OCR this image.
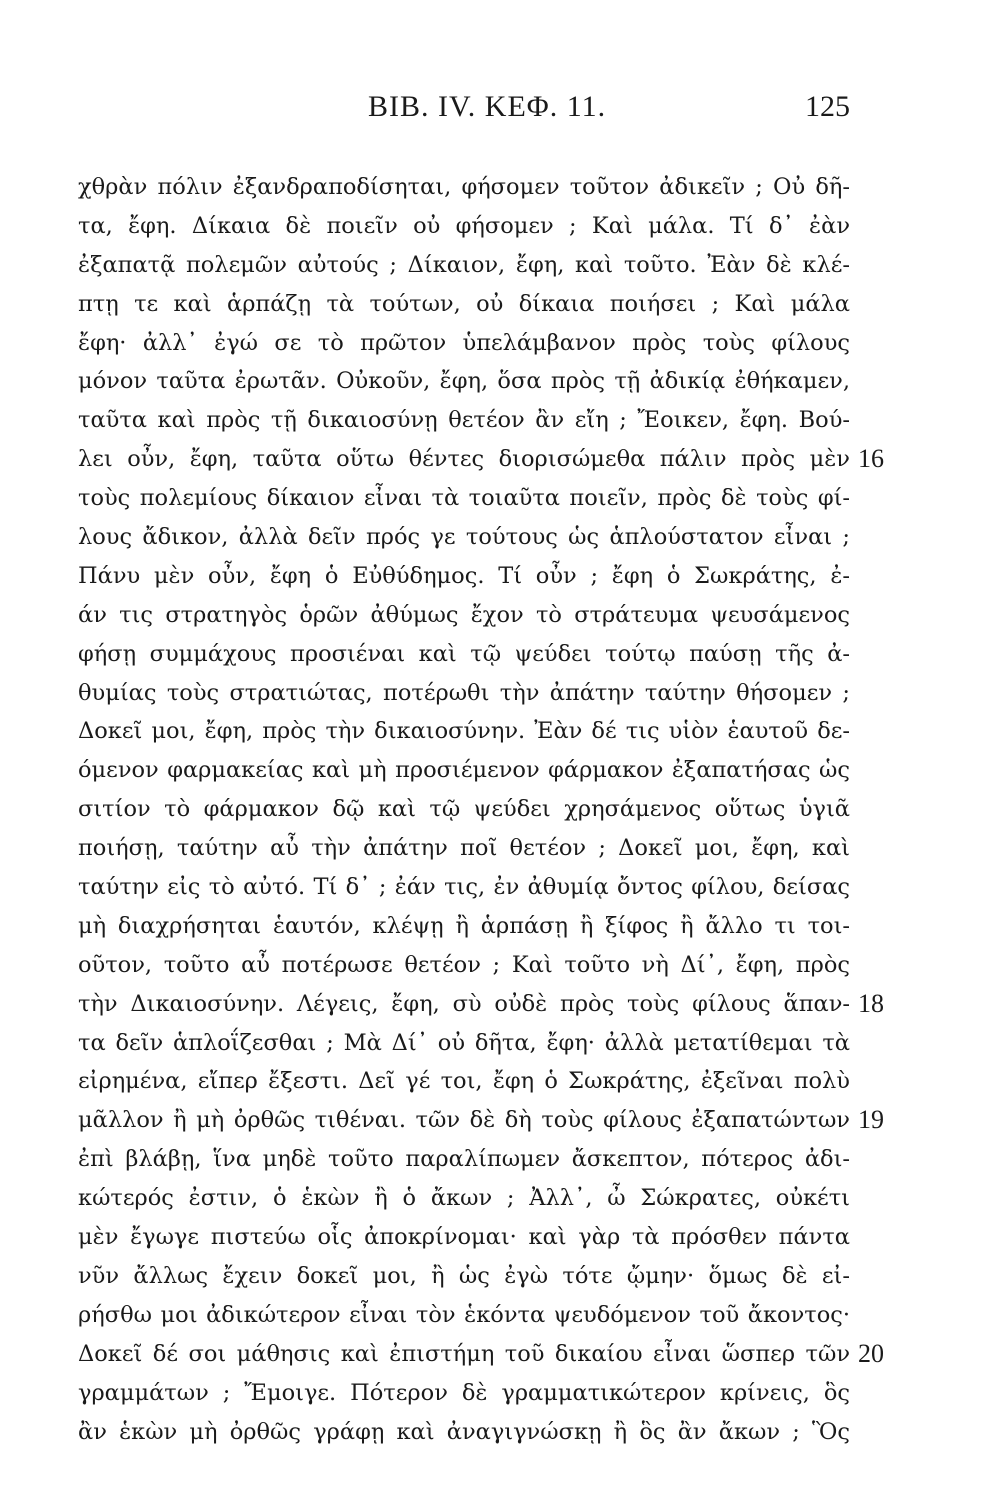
ΒΙΒ. ΙV. ΚΕΦ. 11.	125
χθρὰν πόλιν ἐξανδραποδίσηται, φήσομεν τοῦτον ἀδικεῖν ; Οὐ δῆ-
τα, ἔφη. Δίκαια δὲ ποιεῖν οὐ φήσομεν ; Καὶ μάλα. Τί δ᾽ ἐὰν
ἐξαπατᾷ πολεμῶν αὐτούς ; Δίκαιον, ἔφη, καὶ τοῦτο. Ἐὰν δὲ κλέ-
πτῃ τε καὶ ἁρπάζῃ τὰ τούτων, οὐ δίκαια ποιήσει ; Καὶ μάλα
ἔφη· ἀλλ᾽ ἐγώ σε τὸ πρῶτον ὑπελάμβανον πρὸς τοὺς φίλους
μόνον ταῦτα ἐρωτᾶν. Οὐκοῦν, ἔφη, ὅσα πρὸς τῇ ἀδικίᾳ ἐθήκαμεν,
ταῦτα καὶ πρὸς τῇ δικαιοσύνῃ θετέον ἂν εἴη ; Ἔοικεν, ἔφη. Βού-
λει οὖν, ἔφη, ταῦτα οὕτω θέντες διορισώμεθα πάλιν πρὸς μὲν 16
τοὺς πολεμίους δίκαιον εἶναι τὰ τοιαῦτα ποιεῖν, πρὸς δὲ τοὺς φί-
λους ἄδικον, ἀλλὰ δεῖν πρός γε τούτους ὡς ἁπλούστατον εἶναι ;
Πάνυ μὲν οὖν, ἔφη ὁ Εὐθύδημος. Τί οὖν ; ἔφη ὁ Σωκράτης, ἐ-
άν τις στρατηγὸς ὁρῶν ἀθύμως ἔχον τὸ στράτευμα ψευσάμενος
φήσῃ συμμάχους προσιέναι καὶ τῷ ψεύδει τούτῳ παύσῃ τῆς ἀ-
θυμίας τοὺς στρατιώτας, ποτέρωθι τὴν ἀπάτην ταύτην θήσομεν ;
Δοκεῖ μοι, ἔφη, πρὸς τὴν δικαιοσύνην. Ἐὰν δέ τις υἱὸν ἑαυτοῦ δε-
όμενον φαρμακείας καὶ μὴ προσιέμενον φάρμακον ἐξαπατήσας ὡς
σιτίον τὸ φάρμακον δῷ καὶ τῷ ψεύδει χρησάμενος οὕτως ὑγιᾶ
ποιήσῃ, ταύτην αὖ τὴν ἀπάτην ποῖ θετέον ; Δοκεῖ μοι, ἔφη, καὶ
ταύτην εἰς τὸ αὐτό. Τί δ᾽ ; ἐάν τις, ἐν ἀθυμίᾳ ὄντος φίλου, δείσας
μὴ διαχρήσηται ἑαυτόν, κλέψῃ ἢ ἁρπάσῃ ἢ ξίφος ἢ ἄλλο τι τοι-
οῦτον, τοῦτο αὖ ποτέρωσε θετέον ; Καὶ τοῦτο νὴ Δί᾽, ἔφη, πρὸς
τὴν Δικαιοσύνην. Λέγεις, ἔφη, σὺ οὐδὲ πρὸς τοὺς φίλους ἅπαν- 18
τα δεῖν ἁπλοΐζεσθαι ; Μὰ Δί᾽ οὐ δῆτα, ἔφη· ἀλλὰ μετατίθεμαι τὰ
εἰρημένα, εἴπερ ἔξεστι. Δεῖ γέ τοι, ἔφη ὁ Σωκράτης, ἐξεῖναι πολὺ
μᾶλλον ἢ μὴ ὀρθῶς τιθέναι. τῶν δὲ δὴ τοὺς φίλους ἐξαπατώντων 19
ἐπὶ βλάβῃ, ἵνα μηδὲ τοῦτο παραλίπωμεν ἄσκεπτον, πότερος ἀδι-
κώτερός ἐστιν, ὁ ἑκὼν ἢ ὁ ἄκων ; Ἀλλ᾽, ὦ Σώκρατες, οὐκέτι
μὲν ἔγωγε πιστεύω οἷς ἀποκρίνομαι· καὶ γὰρ τὰ πρόσθεν πάντα
νῦν ἄλλως ἔχειν δοκεῖ μοι, ἢ ὡς ἐγὼ τότε ᾤμην· ὅμως δὲ εἰ-
ρήσθω μοι ἀδικώτερον εἶναι τὸν ἑκόντα ψευδόμενον τοῦ ἄκοντος·
Δοκεῖ δέ σοι μάθησις καὶ ἐπιστήμη τοῦ δικαίου εἶναι ὥσπερ τῶν 20
γραμμάτων ; Ἔμοιγε. Πότερον δὲ γραμματικώτερον κρίνεις, ὃς
ἂν ἑκὼν μὴ ὀρθῶς γράφῃ καὶ ἀναγιγνώσκῃ ἢ ὃς ἂν ἄκων ; Ὃς
